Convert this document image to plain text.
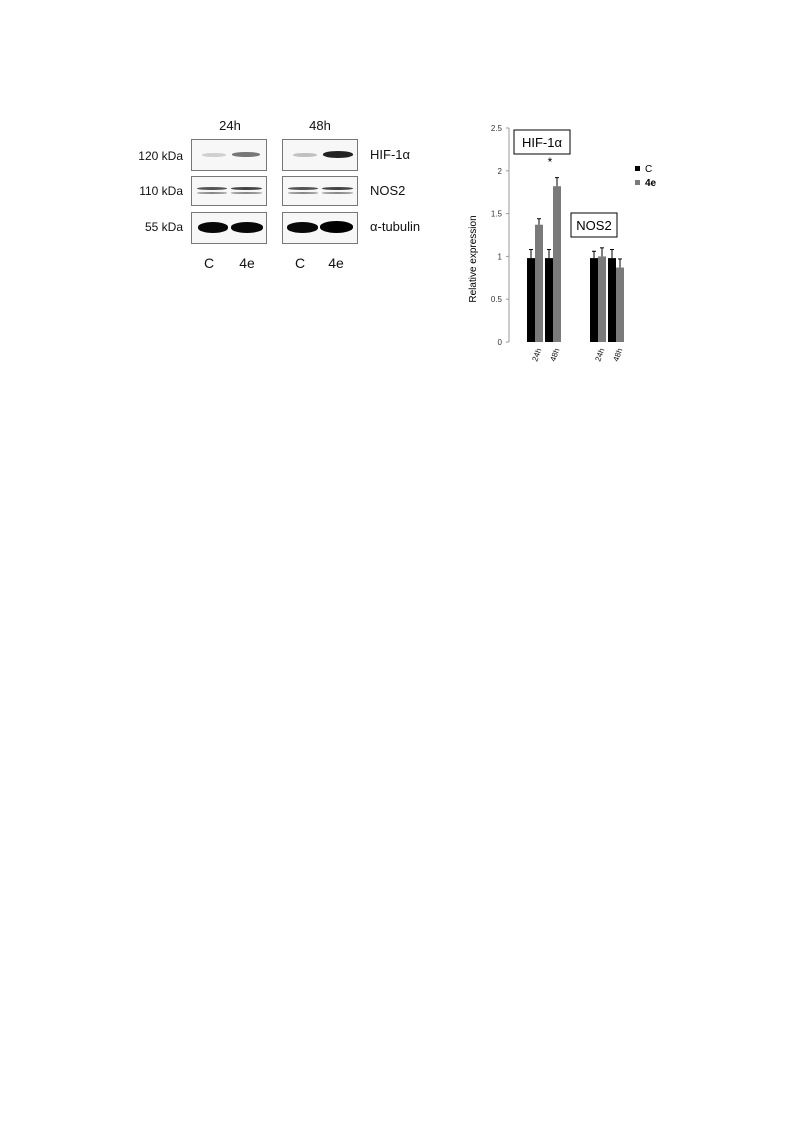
24h	48h
120 kDa
110 kDa
55 kDa
HIF-1α
NOS2
α-tubulin
C	4e	C	4e
0
0.5
1
1.5
2
2.5
24h 48h	24h 48h
HIF-1α
NOS2
C
4e
*
Relative expression
